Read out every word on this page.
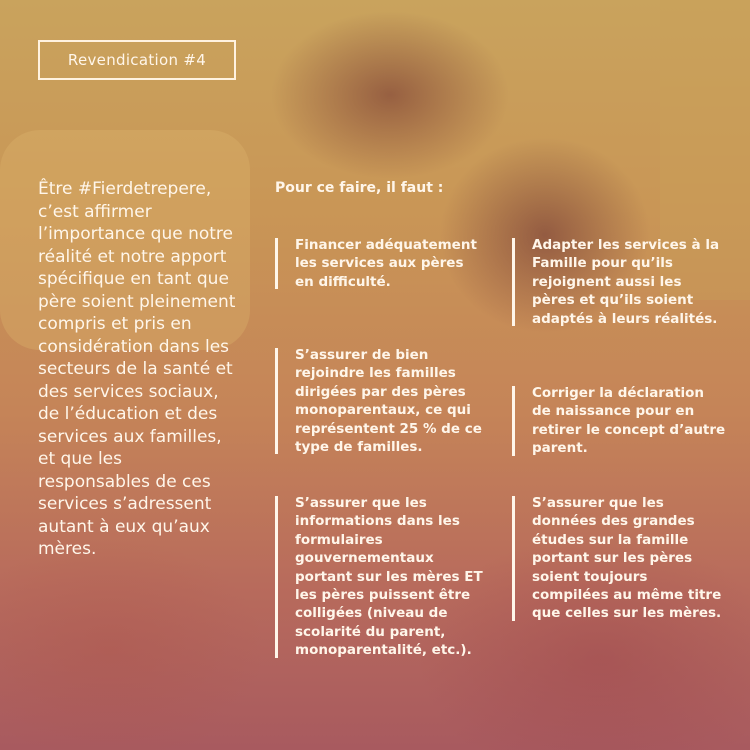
Revendication #4
Être #Fierdetrepere, c’est affirmer l’importance que notre réalité et notre apport spécifique en tant que père soient pleinement compris et pris en considération dans les secteurs de la santé et des services sociaux, de l’éducation et des services aux familles, et que les responsables de ces services s’adressent autant à eux qu’aux mères.
Pour ce faire, il faut :
Financer adéquatement les services aux pères en difficulté.
Adapter les services à la Famille pour qu’ils rejoignent aussi les pères et qu’ils soient adaptés à leurs réalités.
S’assurer de bien rejoindre les familles dirigées par des pères monoparentaux, ce qui représentent 25 % de ce type de familles.
Corriger la déclaration de naissance pour en retirer le concept d’autre parent.
S’assurer que les informations dans les formulaires gouvernementaux portant sur les mères ET les pères puissent être colligées (niveau de scolarité du parent, monoparentalité, etc.).
S’assurer que les données des grandes études sur la famille portant sur les pères soient toujours compilées au même titre que celles sur les mères.
